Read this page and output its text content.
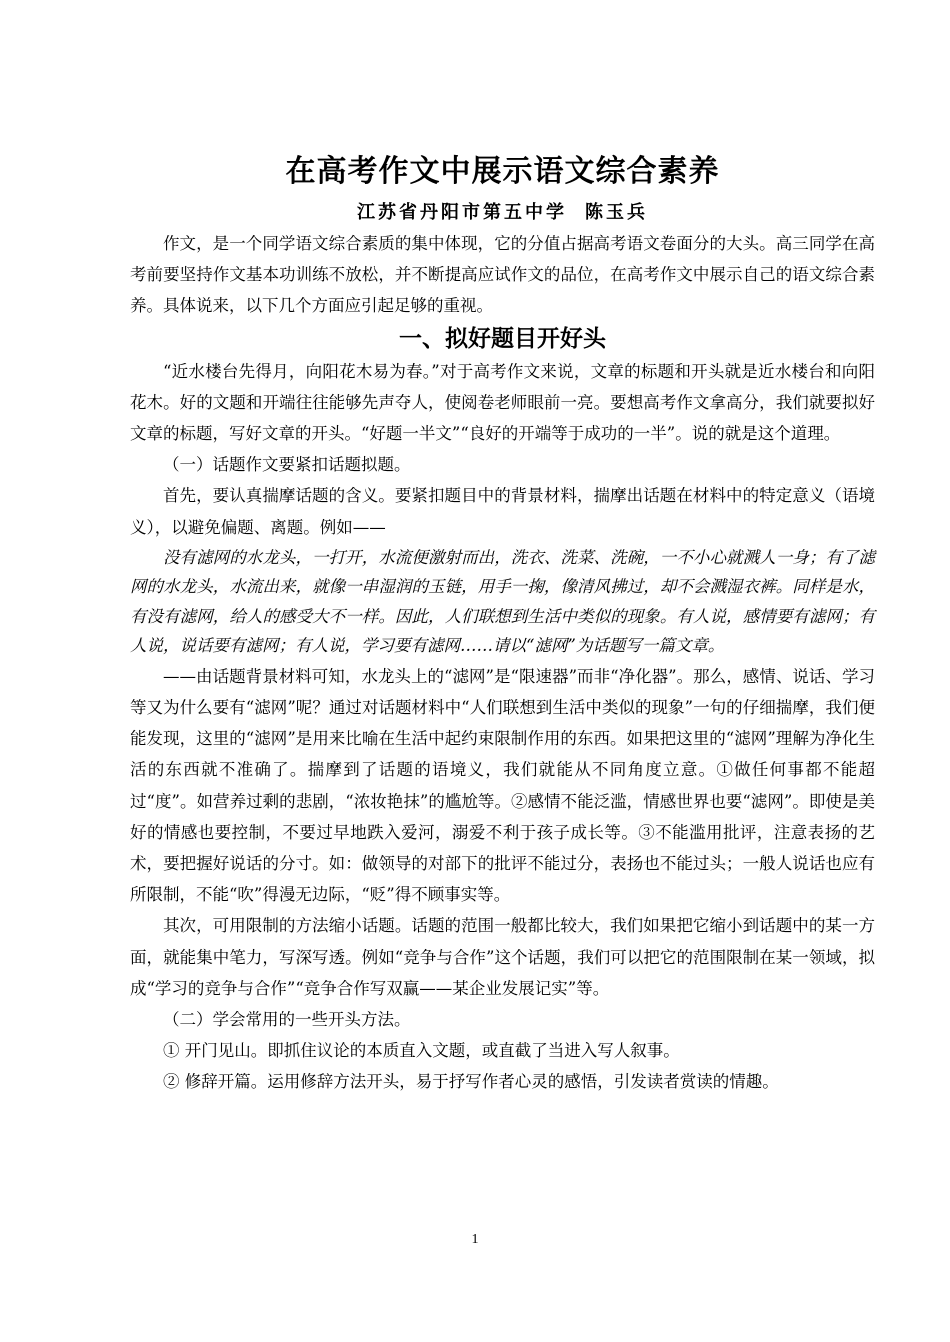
在高考作文中展示语文综合素养
江苏省丹阳市第五中学 陈玉兵

作文，是一个同学语文综合素质的集中体现，它的分值占据高考语文卷面分的大头。高三同学在高考前要坚持作文基本功训练不放松，并不断提高应试作文的品位，在高考作文中展示自己的语文综合素养。具体说来，以下几个方面应引起足够的重视。

一、拟好题目开好头

“近水楼台先得月，向阳花木易为春。”对于高考作文来说，文章的标题和开头就是近水楼台和向阳花木。好的文题和开端往往能够先声夺人，使阅卷老师眼前一亮。要想高考作文拿高分，我们就要拟好文章的标题，写好文章的开头。“好题一半文”“良好的开端等于成功的一半”。说的就是这个道理。

（一）话题作文要紧扣话题拟题。

首先，要认真揣摩话题的含义。要紧扣题目中的背景材料，揣摩出话题在材料中的特定意义（语境义），以避免偏题、离题。例如——

没有滤网的水龙头，一打开，水流便激射而出，洗衣、洗菜、洗碗，一不小心就溅人一身；有了滤网的水龙头，水流出来，就像一串湿润的玉链，用手一掬，像清风拂过，却不会溅湿衣裤。同样是水，有没有滤网，给人的感受大不一样。因此，人们联想到生活中类似的现象。有人说，感情要有滤网；有人说，说话要有滤网；有人说，学习要有滤网……请以“滤网”为话题写一篇文章。

——由话题背景材料可知，水龙头上的“滤网”是“限速器”而非“净化器”。那么，感情、说话、学习等又为什么要有“滤网”呢？通过对话题材料中“人们联想到生活中类似的现象”一句的仔细揣摩，我们便能发现，这里的“滤网”是用来比喻在生活中起约束限制作用的东西。如果把这里的“滤网”理解为净化生活的东西就不准确了。揣摩到了话题的语境义，我们就能从不同角度立意。①做任何事都不能超过“度”。如营养过剩的悲剧，“浓妆艳抹”的尴尬等。②感情不能泛滥，情感世界也要“滤网”。即使是美好的情感也要控制，不要过早地跌入爱河，溺爱不利于孩子成长等。③不能滥用批评，注意表扬的艺术，要把握好说话的分寸。如：做领导的对部下的批评不能过分，表扬也不能过头；一般人说话也应有所限制，不能“吹”得漫无边际，“贬”得不顾事实等。

其次，可用限制的方法缩小话题。话题的范围一般都比较大，我们如果把它缩小到话题中的某一方面，就能集中笔力，写深写透。例如“竞争与合作”这个话题，我们可以把它的范围限制在某一领域，拟成“学习的竞争与合作”“竞争合作写双赢——某企业发展记实”等。

（二）学会常用的一些开头方法。

① 开门见山。即抓住议论的本质直入文题，或直截了当进入写人叙事。

② 修辞开篇。运用修辞方法开头，易于抒写作者心灵的感悟，引发读者赏读的情趣。

1
